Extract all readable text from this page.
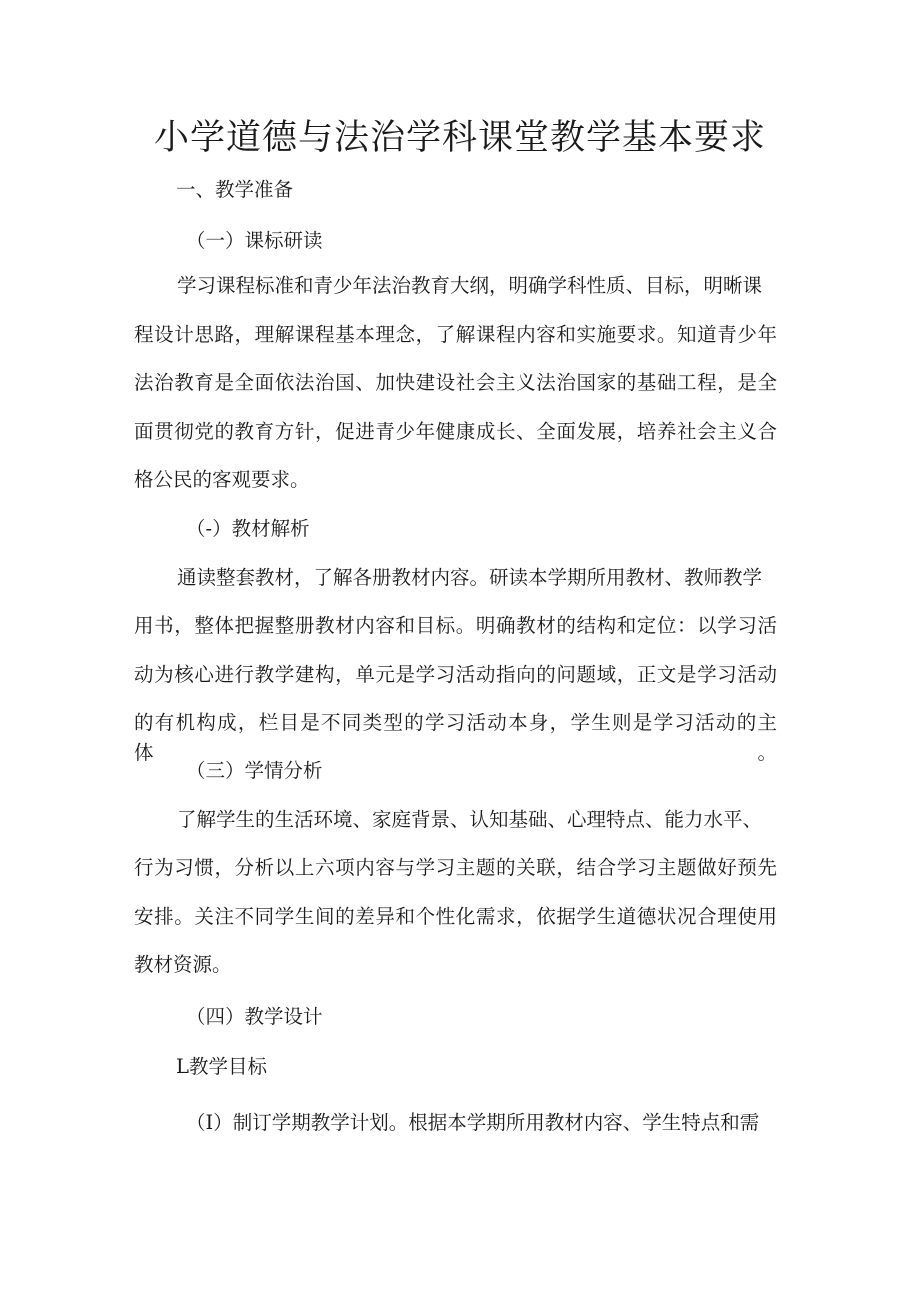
小学道德与法治学科课堂教学基本要求
一、教学准备
（一）课标研读
学习课程标准和青少年法治教育大纲，明确学科性质、目标，明晰课
程设计思路，理解课程基本理念，了解课程内容和实施要求。知道青少年
法治教育是全面依法治国、加快建设社会主义法治国家的基础工程，是全
面贯彻党的教育方针，促进青少年健康成长、全面发展，培养社会主义合
格公民的客观要求。
（-）教材解析
通读整套教材，了解各册教材内容。研读本学期所用教材、教师教学
用书，整体把握整册教材内容和目标。明确教材的结构和定位：以学习活
动为核心进行教学建构，单元是学习活动指向的问题域，正文是学习活动
的有机构成，栏目是不同类型的学习活动本身，学生则是学习活动的主体。
（三）学情分析
了解学生的生活环境、家庭背景、认知基础、心理特点、能力水平、
行为习惯，分析以上六项内容与学习主题的关联，结合学习主题做好预先
安排。关注不同学生间的差异和个性化需求，依据学生道德状况合理使用
教材资源。
（四）教学设计
L教学目标
（I）制订学期教学计划。根据本学期所用教材内容、学生特点和需
